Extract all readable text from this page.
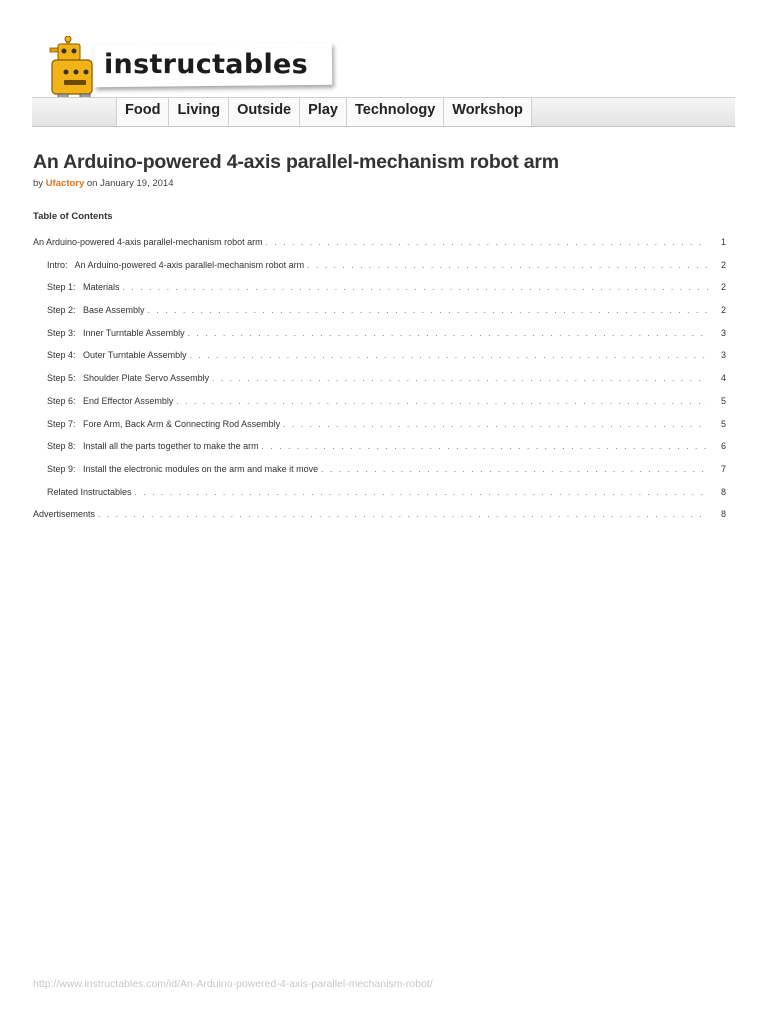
instructables
Food	Living	Outside	Play	Technology	Workshop
An Arduino-powered 4-axis parallel-mechanism robot arm
by Ufactory on January 19, 2014
Table of Contents
An Arduino-powered 4-axis parallel-mechanism robot arm . . .	1
Intro:   An Arduino-powered 4-axis parallel-mechanism robot arm . . .	2
Step 1:   Materials . . .	2
Step 2:   Base Assembly . . .	2
Step 3:   Inner Turntable Assembly . . .	3
Step 4:   Outer Turntable Assembly . . .	3
Step 5:   Shoulder Plate Servo Assembly . . .	4
Step 6:   End Effector Assembly . . .	5
Step 7:   Fore Arm, Back Arm & Connecting Rod Assembly . . .	5
Step 8:   Install all the parts together to make the arm . . .	6
Step 9:   Install the electronic modules on the arm and make it move . . .	7
Related Instructables . . .	8
Advertisements . . .	8
http://www.instructables.com/id/An-Arduino-powered-4-axis-parallel-mechanism-robot/
